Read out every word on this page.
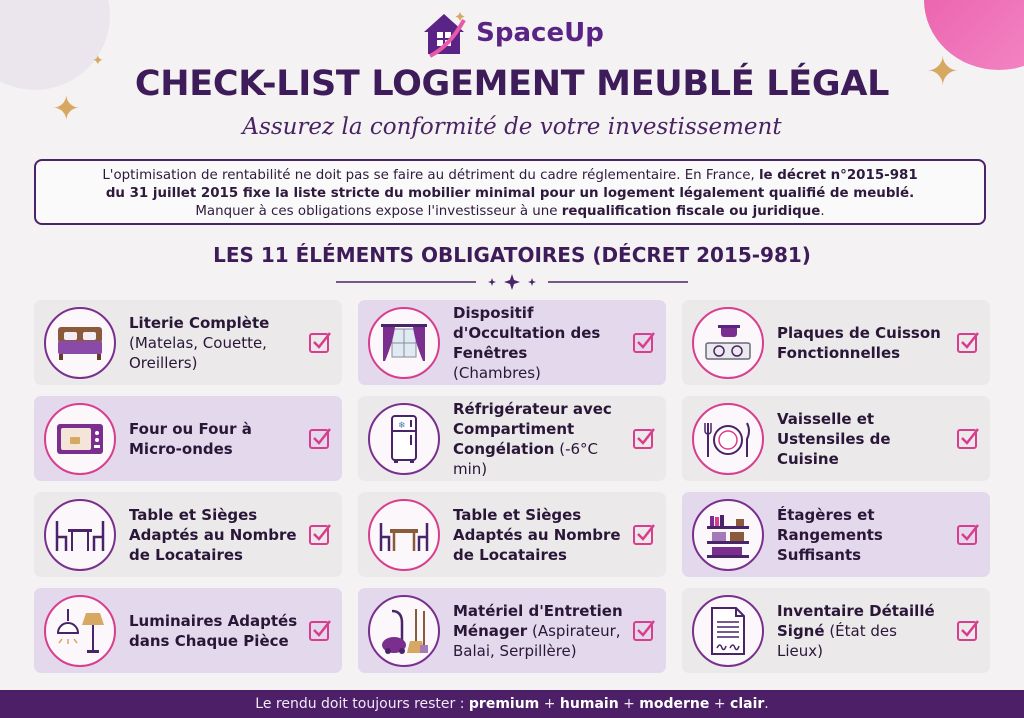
✦
✦	✦
SpaceUp
CHECK-LIST LOGEMENT MEUBLÉ LÉGAL
Assurez la conformité de votre investissement
L'optimisation de rentabilité ne doit pas se faire au détriment du cadre réglementaire. En France, le décret n°2015-981
du 31 juillet 2015 fixe la liste stricte du mobilier minimal pour un logement légalement qualifié de meublé.
Manquer à ces obligations expose l'investisseur à une requalification fiscale ou juridique.
LES 11 ÉLÉMENTS OBLIGATOIRES (DÉCRET 2015-981)
Literie Complète
(Matelas, Couette, Oreillers)
Dispositif d'Occultation des Fenêtres
(Chambres)
Plaques de Cuisson Fonctionnelles
Four ou Four à Micro-ondes
❄
Réfrigérateur avec Compartiment Congélation (-6°C min)
Vaisselle et Ustensiles de Cuisine
Table et Sièges Adaptés au Nombre de Locataires
Table et Sièges Adaptés au Nombre de Locataires
Étagères et Rangements Suffisants
Luminaires Adaptés dans Chaque Pièce
Matériel d'Entretien Ménager (Aspirateur, Balai, Serpillère)
Inventaire Détaillé Signé (État des Lieux)
Le rendu doit toujours rester : premium + humain + moderne + clair .
